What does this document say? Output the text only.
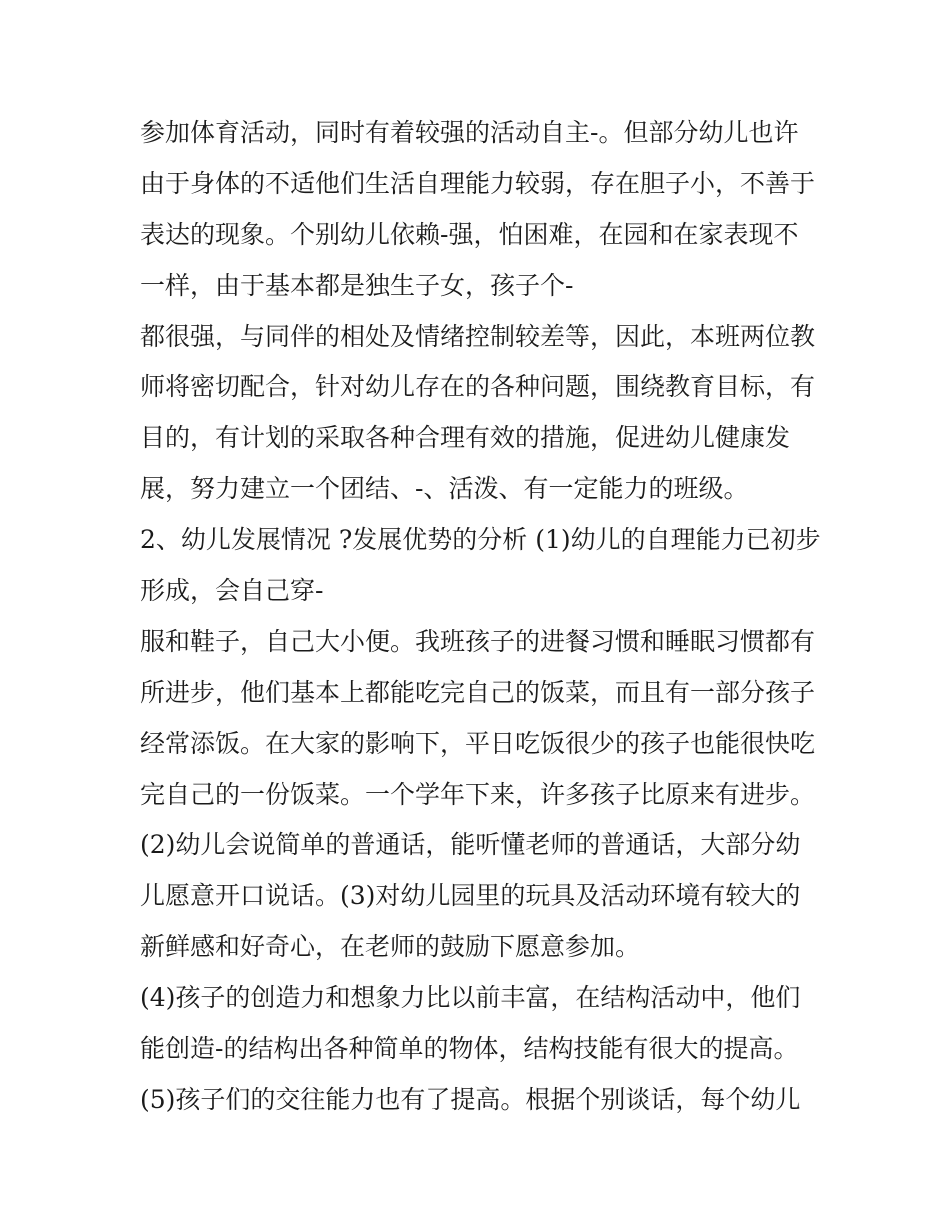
参加体育活动，同时有着较强的活动自主-。但部分幼儿也许
由于身体的不适他们生活自理能力较弱，存在胆子小，不善于
表达的现象。个别幼儿依赖-强，怕困难，在园和在家表现不
一样，由于基本都是独生子女，孩子个-
都很强，与同伴的相处及情绪控制较差等，因此，本班两位教
师将密切配合，针对幼儿存在的各种问题，围绕教育目标，有
目的，有计划的采取各种合理有效的措施，促进幼儿健康发
展，努力建立一个团结、-、活泼、有一定能力的班级。
2、幼儿发展情况 ?发展优势的分析 (1)幼儿的自理能力已初步
形成，会自己穿-
服和鞋子，自己大小便。我班孩子的进餐习惯和睡眠习惯都有
所进步，他们基本上都能吃完自己的饭菜，而且有一部分孩子
经常添饭。在大家的影响下，平日吃饭很少的孩子也能很快吃
完自己的一份饭菜。一个学年下来，许多孩子比原来有进步。
(2)幼儿会说简单的普通话，能听懂老师的普通话，大部分幼
儿愿意开口说话。(3)对幼儿园里的玩具及活动环境有较大的
新鲜感和好奇心，在老师的鼓励下愿意参加。
(4)孩子的创造力和想象力比以前丰富，在结构活动中，他们
能创造-的结构出各种简单的物体，结构技能有很大的提高。
(5)孩子们的交往能力也有了提高。根据个别谈话，每个幼儿
